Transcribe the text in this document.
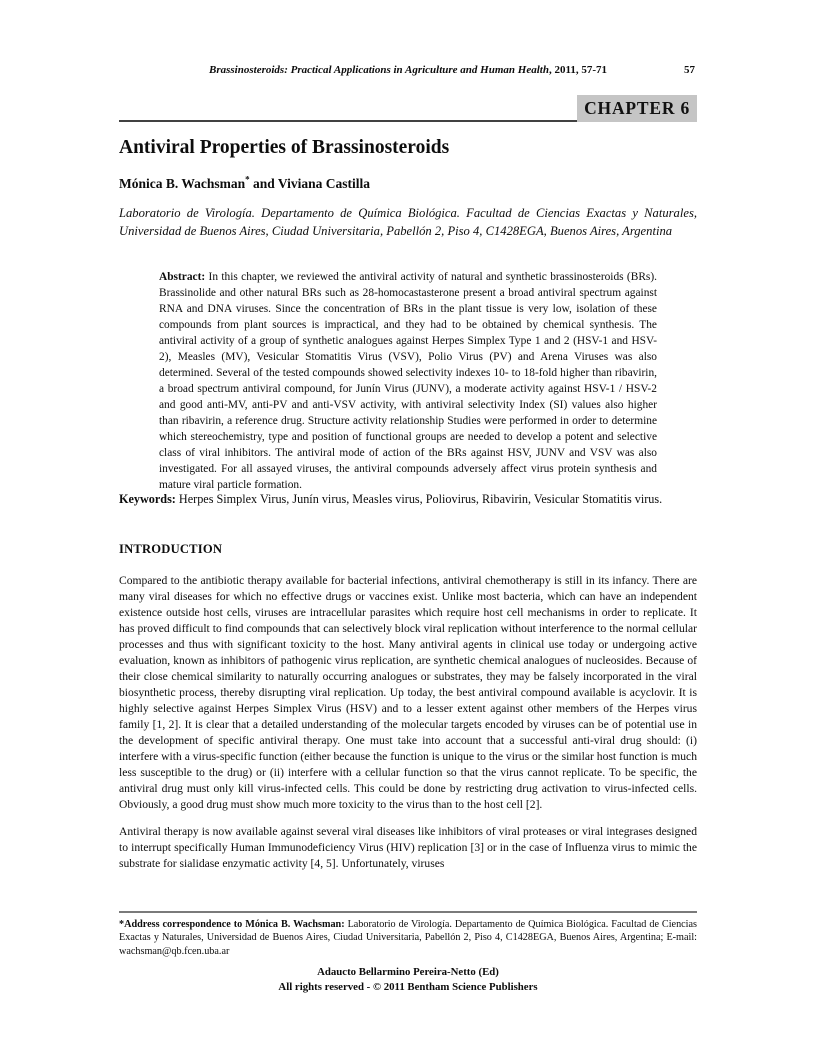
Brassinosteroids: Practical Applications in Agriculture and Human Health, 2011, 57-71	57
CHAPTER 6
Antiviral Properties of Brassinosteroids
Mónica B. Wachsman* and Viviana Castilla
Laboratorio de Virología. Departamento de Química Biológica. Facultad de Ciencias Exactas y Naturales, Universidad de Buenos Aires, Ciudad Universitaria, Pabellón 2, Piso 4, C1428EGA, Buenos Aires, Argentina
Abstract: In this chapter, we reviewed the antiviral activity of natural and synthetic brassinosteroids (BRs). Brassinolide and other natural BRs such as 28-homocastasterone present a broad antiviral spectrum against RNA and DNA viruses. Since the concentration of BRs in the plant tissue is very low, isolation of these compounds from plant sources is impractical, and they had to be obtained by chemical synthesis. The antiviral activity of a group of synthetic analogues against Herpes Simplex Type 1 and 2 (HSV-1 and HSV-2), Measles (MV), Vesicular Stomatitis Virus (VSV), Polio Virus (PV) and Arena Viruses was also determined. Several of the tested compounds showed selectivity indexes 10- to 18-fold higher than ribavirin, a broad spectrum antiviral compound, for Junín Virus (JUNV), a moderate activity against HSV-1 / HSV-2 and good anti-MV, anti-PV and anti-VSV activity, with antiviral selectivity Index (SI) values also higher than ribavirin, a reference drug. Structure activity relationship Studies were performed in order to determine which stereochemistry, type and position of functional groups are needed to develop a potent and selective class of viral inhibitors. The antiviral mode of action of the BRs against HSV, JUNV and VSV was also investigated. For all assayed viruses, the antiviral compounds adversely affect virus protein synthesis and mature viral particle formation.
Keywords: Herpes Simplex Virus, Junín virus, Measles virus, Poliovirus, Ribavirin, Vesicular Stomatitis virus.
INTRODUCTION

Compared to the antibiotic therapy available for bacterial infections, antiviral chemotherapy is still in its infancy. There are many viral diseases for which no effective drugs or vaccines exist. Unlike most bacteria, which can have an independent existence outside host cells, viruses are intracellular parasites which require host cell mechanisms in order to replicate. It has proved difficult to find compounds that can selectively block viral replication without interference to the normal cellular processes and thus with significant toxicity to the host. Many antiviral agents in clinical use today or undergoing active evaluation, known as inhibitors of pathogenic virus replication, are synthetic chemical analogues of nucleosides. Because of their close chemical similarity to naturally occurring analogues or substrates, they may be falsely incorporated in the viral biosynthetic process, thereby disrupting viral replication. Up today, the best antiviral compound available is acyclovir. It is highly selective against Herpes Simplex Virus (HSV) and to a lesser extent against other members of the Herpes virus family [1, 2]. It is clear that a detailed understanding of the molecular targets encoded by viruses can be of potential use in the development of specific antiviral therapy. One must take into account that a successful anti-viral drug should: (i) interfere with a virus-specific function (either because the function is unique to the virus or the similar host function is much less susceptible to the drug) or (ii) interfere with a cellular function so that the virus cannot replicate. To be specific, the antiviral drug must only kill virus-infected cells. This could be done by restricting drug activation to virus-infected cells. Obviously, a good drug must show much more toxicity to the virus than to the host cell [2].

Antiviral therapy is now available against several viral diseases like inhibitors of viral proteases or viral integrases designed to interrupt specifically Human Immunodeficiency Virus (HIV) replication [3] or in the case of Influenza virus to mimic the substrate for sialidase enzymatic activity [4, 5]. Unfortunately, viruses

*Address correspondence to Mónica B. Wachsman: Laboratorio de Virología. Departamento de Química Biológica. Facultad de Ciencias Exactas y Naturales, Universidad de Buenos Aires, Ciudad Universitaria, Pabellón 2, Piso 4, C1428EGA, Buenos Aires, Argentina; E-mail: wachsman@qb.fcen.uba.ar
Adaucto Bellarmino Pereira-Netto (Ed)
All rights reserved - © 2011 Bentham Science Publishers
